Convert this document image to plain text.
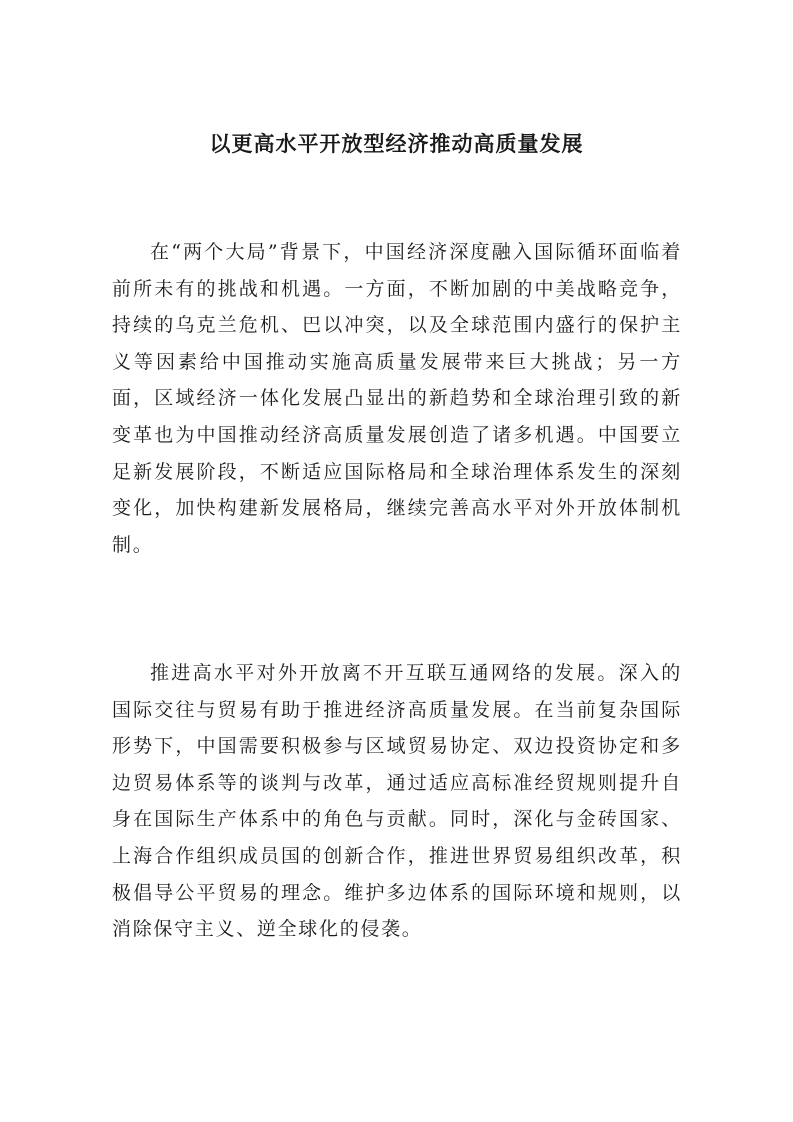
以更高水平开放型经济推动高质量发展

在“两个大局”背景下，中国经济深度融入国际循环面临着前所未有的挑战和机遇。一方面，不断加剧的中美战略竞争，持续的乌克兰危机、巴以冲突，以及全球范围内盛行的保护主义等因素给中国推动实施高质量发展带来巨大挑战；另一方面，区域经济一体化发展凸显出的新趋势和全球治理引致的新变革也为中国推动经济高质量发展创造了诸多机遇。中国要立足新发展阶段，不断适应国际格局和全球治理体系发生的深刻变化，加快构建新发展格局，继续完善高水平对外开放体制机制。

推进高水平对外开放离不开互联互通网络的发展。深入的国际交往与贸易有助于推进经济高质量发展。在当前复杂国际形势下，中国需要积极参与区域贸易协定、双边投资协定和多边贸易体系等的谈判与改革，通过适应高标准经贸规则提升自身在国际生产体系中的角色与贡献。同时，深化与金砖国家、上海合作组织成员国的创新合作，推进世界贸易组织改革，积极倡导公平贸易的理念。维护多边体系的国际环境和规则，以消除保守主义、逆全球化的侵袭。
